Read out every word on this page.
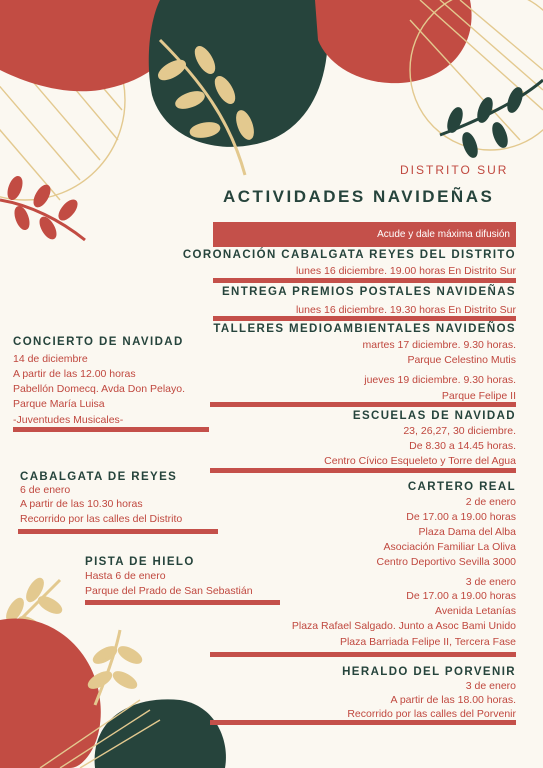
DISTRITO SUR
ACTIVIDADES NAVIDEÑAS
Acude y dale máxima difusión
CORONACIÓN CABALGATA REYES DEL DISTRITO
lunes 16 diciembre. 19.00 horas En Distrito Sur
ENTREGA PREMIOS POSTALES NAVIDEÑAS
lunes 16 diciembre. 19.30 horas En Distrito Sur
TALLERES MEDIOAMBIENTALES NAVIDEÑOS
martes 17 diciembre. 9.30 horas.
Parque Celestino Mutis
jueves 19 diciembre. 9.30 horas.
Parque Felipe II
ESCUELAS DE NAVIDAD
23, 26,27, 30 diciembre.
De 8.30 a 14.45 horas.
Centro Cívico Esqueleto y Torre del Agua
CARTERO REAL
2 de enero
De 17.00 a 19.00 horas
Plaza Dama del Alba
Asociación Familiar La Oliva
Centro Deportivo Sevilla 3000
3 de enero
De 17.00 a 19.00 horas
Avenida Letanías
Plaza Rafael Salgado. Junto a Asoc Bami Unido
Plaza Barriada Felipe II, Tercera Fase
HERALDO DEL PORVENIR
3 de enero
A partir de las 18.00 horas.
Recorrido por las calles del Porvenir
CONCIERTO DE NAVIDAD
14 de diciembre
A partir de las 12.00 horas
Pabellón Domecq. Avda Don Pelayo.
Parque María Luisa
-Juventudes Musicales-
CABALGATA DE REYES
6 de enero
A partir de las 10.30 horas
Recorrido por las calles del Distrito
PISTA DE HIELO
Hasta 6 de enero
Parque del Prado de San Sebastián
